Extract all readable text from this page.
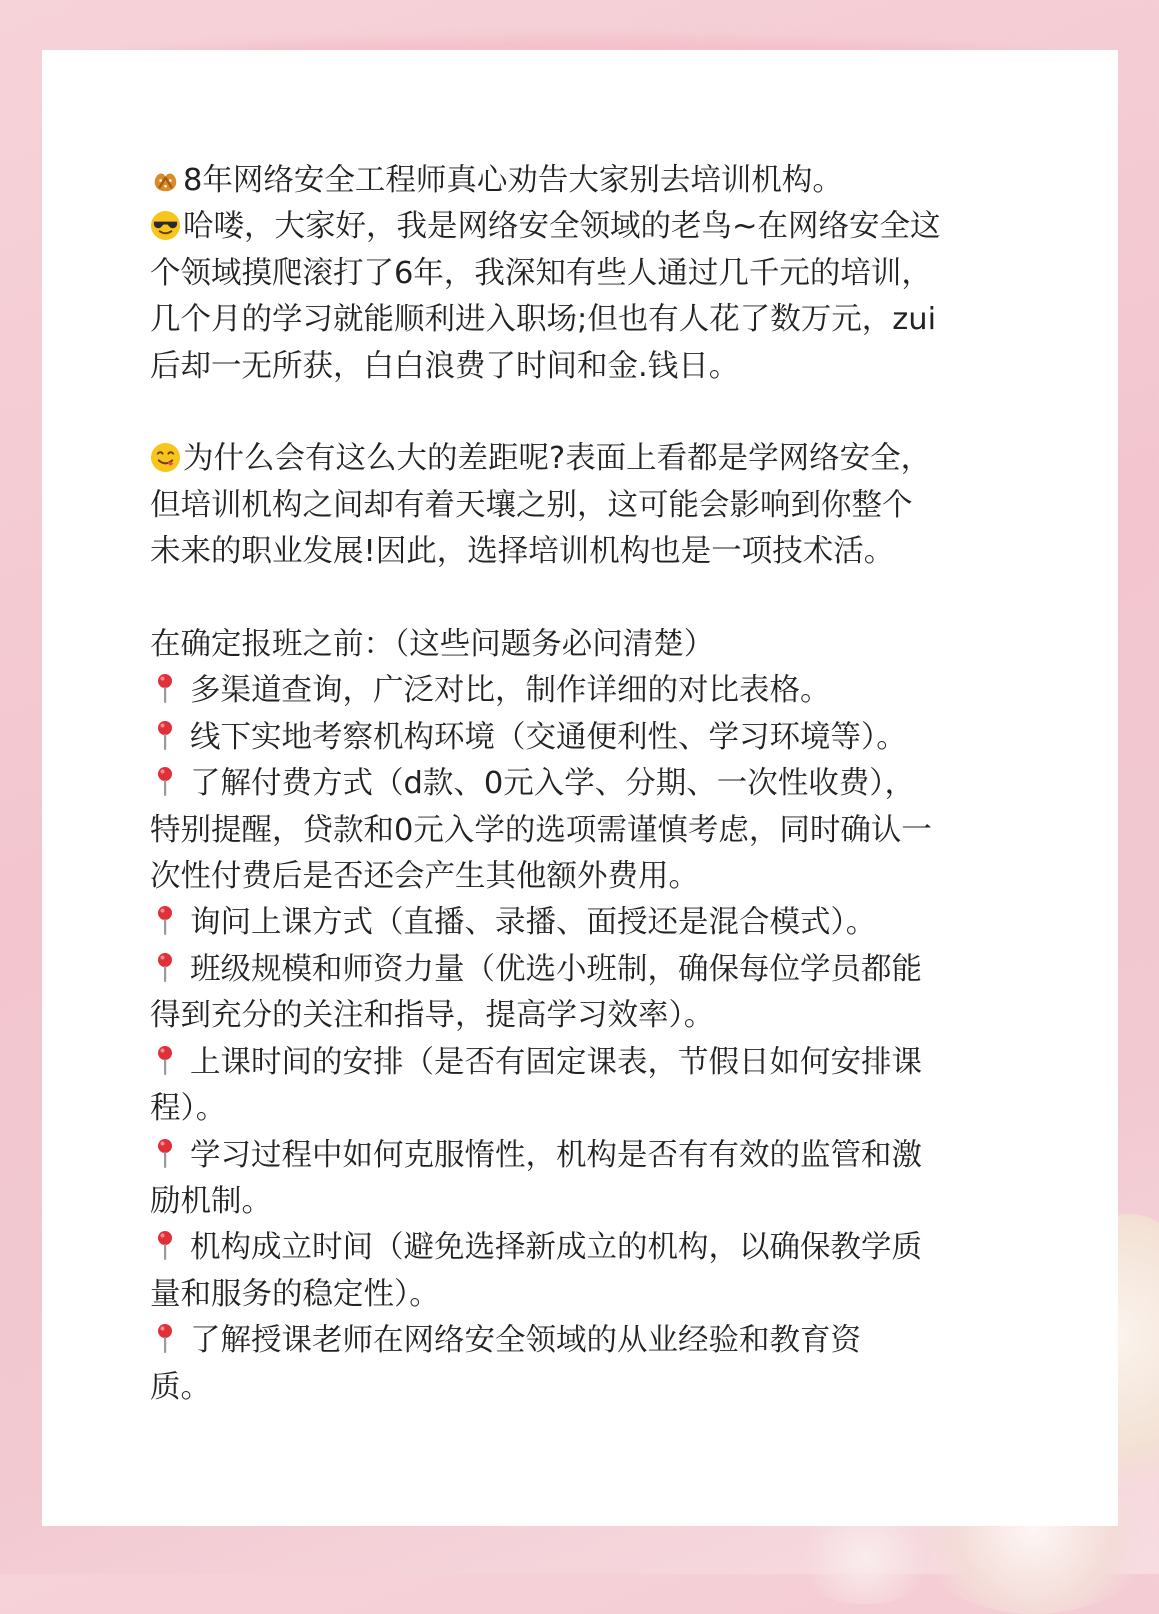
8年网络安全工程师真心劝告大家别去培训机构。
哈喽，大家好，我是网络安全领域的老鸟~在网络安全这
个领域摸爬滚打了6年，我深知有些人通过几千元的培训，
几个月的学习就能顺利进入职场;但也有人花了数万元，zui
后却一无所获，白白浪费了时间和金.钱日。
为什么会有这么大的差距呢?表面上看都是学网络安全，
但培训机构之间却有着天壤之别，这可能会影响到你整个
未来的职业发展!因此，选择培训机构也是一项技术活。
在确定报班之前：（这些问题务必问清楚）
多渠道查询，广泛对比，制作详细的对比表格。
线下实地考察机构环境（交通便利性、学习环境等）。
了解付费方式（d款、0元入学、分期、一次性收费），
特别提醒，贷款和0元入学的选项需谨慎考虑，同时确认一
次性付费后是否还会产生其他额外费用。
询问上课方式（直播、录播、面授还是混合模式）。
班级规模和师资力量（优选小班制，确保每位学员都能
得到充分的关注和指导，提高学习效率）。
上课时间的安排（是否有固定课表，节假日如何安排课
程）。
学习过程中如何克服惰性，机构是否有有效的监管和激
励机制。
机构成立时间（避免选择新成立的机构，以确保教学质
量和服务的稳定性）。
了解授课老师在网络安全领域的从业经验和教育资
质。
